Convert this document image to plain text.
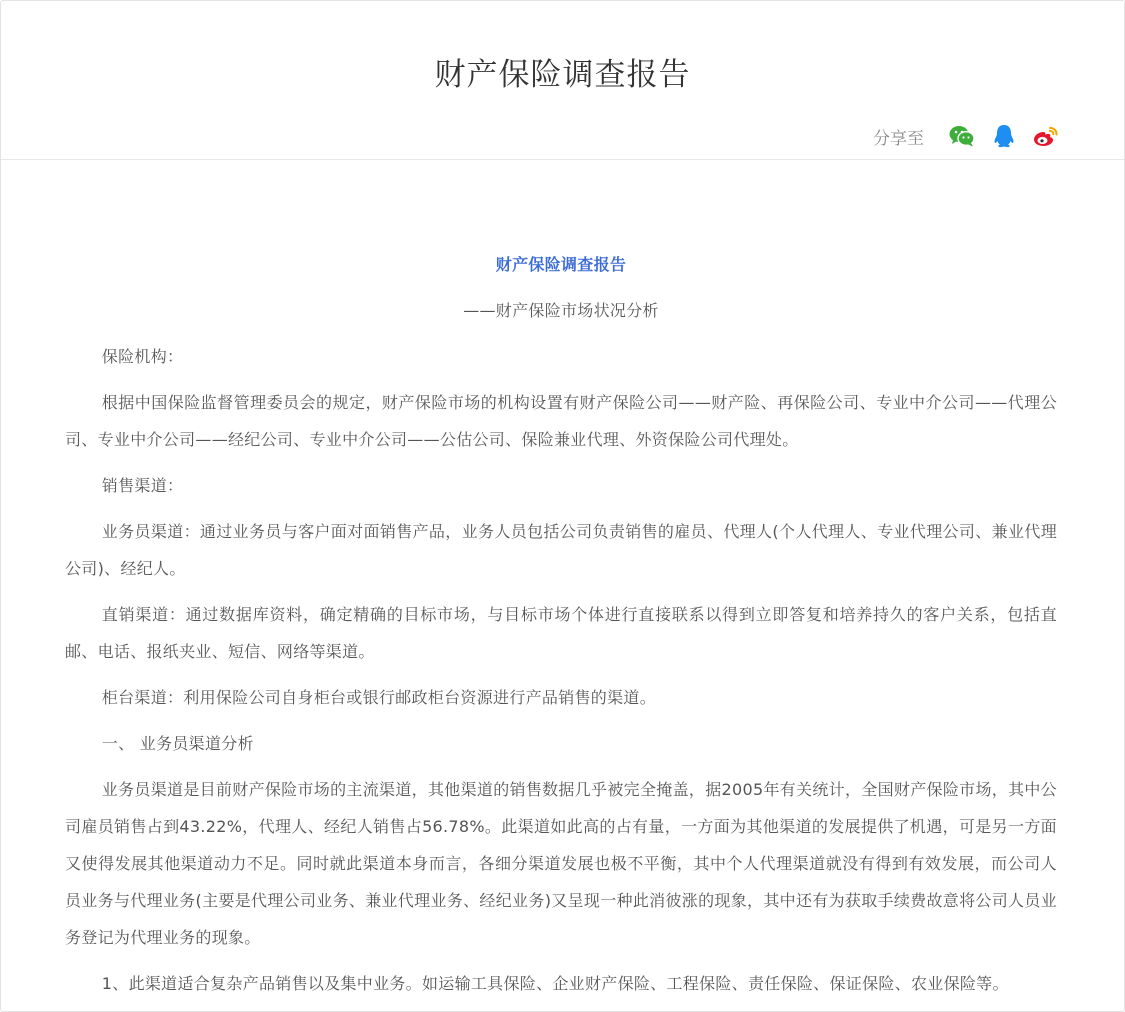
财产保险调查报告
分享至

财产保险调查报告

——财产保险市场状况分析

保险机构：

根据中国保险监督管理委员会的规定，财产保险市场的机构设置有财产保险公司——财产险、再保险公司、专业中介公司——代理公司、专业中介公司——经纪公司、专业中介公司——公估公司、保险兼业代理、外资保险公司代理处。

销售渠道：

业务员渠道：通过业务员与客户面对面销售产品，业务人员包括公司负责销售的雇员、代理人(个人代理人、专业代理公司、兼业代理公司)、经纪人。

直销渠道：通过数据库资料，确定精确的目标市场，与目标市场个体进行直接联系以得到立即答复和培养持久的客户关系，包括直邮、电话、报纸夹业、短信、网络等渠道。

柜台渠道：利用保险公司自身柜台或银行邮政柜台资源进行产品销售的渠道。

一、 业务员渠道分析

业务员渠道是目前财产保险市场的主流渠道，其他渠道的销售数据几乎被完全掩盖，据2005年有关统计，全国财产保险市场，其中公司雇员销售占到43.22%，代理人、经纪人销售占56.78%。此渠道如此高的占有量，一方面为其他渠道的发展提供了机遇，可是另一方面又使得发展其他渠道动力不足。同时就此渠道本身而言，各细分渠道发展也极不平衡，其中个人代理渠道就没有得到有效发展，而公司人员业务与代理业务(主要是代理公司业务、兼业代理业务、经纪业务)又呈现一种此消彼涨的现象，其中还有为获取手续费故意将公司人员业务登记为代理业务的现象。

1、此渠道适合复杂产品销售以及集中业务。如运输工具保险、企业财产保险、工程保险、责任保险、保证保险、农业保险等。
